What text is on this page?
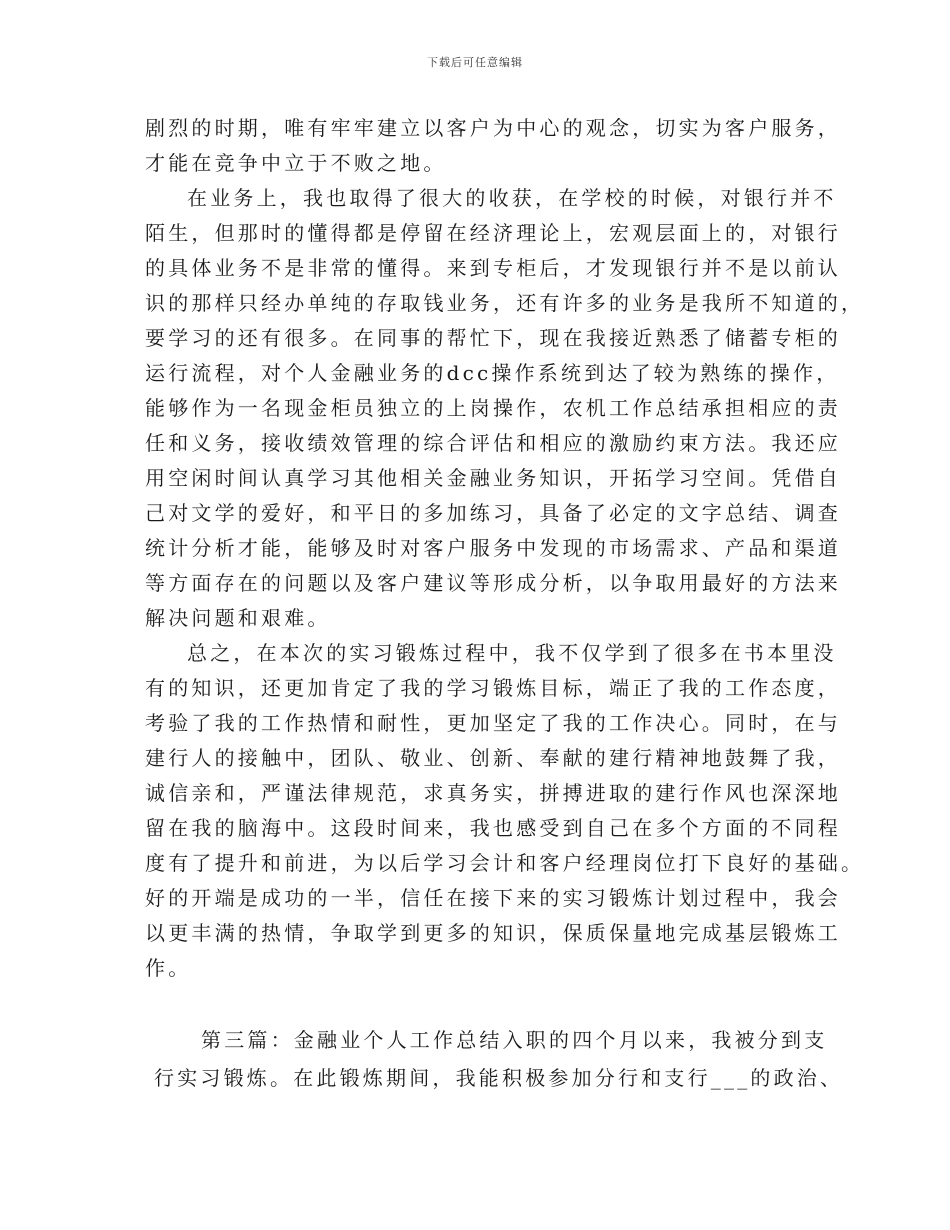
下载后可任意编辑
剧烈的时期，唯有牢牢建立以客户为中心的观念，切实为客户服务，
才能在竞争中立于不败之地。
在业务上，我也取得了很大的收获，在学校的时候，对银行并不
陌生，但那时的懂得都是停留在经济理论上，宏观层面上的，对银行
的具体业务不是非常的懂得。来到专柜后，才发现银行并不是以前认
识的那样只经办单纯的存取钱业务，还有许多的业务是我所不知道的，
要学习的还有很多。在同事的帮忙下，现在我接近熟悉了储蓄专柜的
运行流程，对个人金融业务的dcc操作系统到达了较为熟练的操作，
能够作为一名现金柜员独立的上岗操作，农机工作总结承担相应的责
任和义务，接收绩效管理的综合评估和相应的激励约束方法。我还应
用空闲时间认真学习其他相关金融业务知识，开拓学习空间。凭借自
己对文学的爱好，和平日的多加练习，具备了必定的文字总结、调查
统计分析才能，能够及时对客户服务中发现的市场需求、产品和渠道
等方面存在的问题以及客户建议等形成分析，以争取用最好的方法来
解决问题和艰难。
总之，在本次的实习锻炼过程中，我不仅学到了很多在书本里没
有的知识，还更加肯定了我的学习锻炼目标，端正了我的工作态度，
考验了我的工作热情和耐性，更加坚定了我的工作决心。同时，在与
建行人的接触中，团队、敬业、创新、奉献的建行精神地鼓舞了我，
诚信亲和，严谨法律规范，求真务实，拼搏进取的建行作风也深深地
留在我的脑海中。这段时间来，我也感受到自己在多个方面的不同程
度有了提升和前进，为以后学习会计和客户经理岗位打下良好的基础。
好的开端是成功的一半，信任在接下来的实习锻炼计划过程中，我会
以更丰满的热情，争取学到更多的知识，保质保量地完成基层锻炼工
作。
第三篇：金融业个人工作总结入职的四个月以来，我被分到支
行实习锻炼。在此锻炼期间，我能积极参加分行和支行___的政治、
